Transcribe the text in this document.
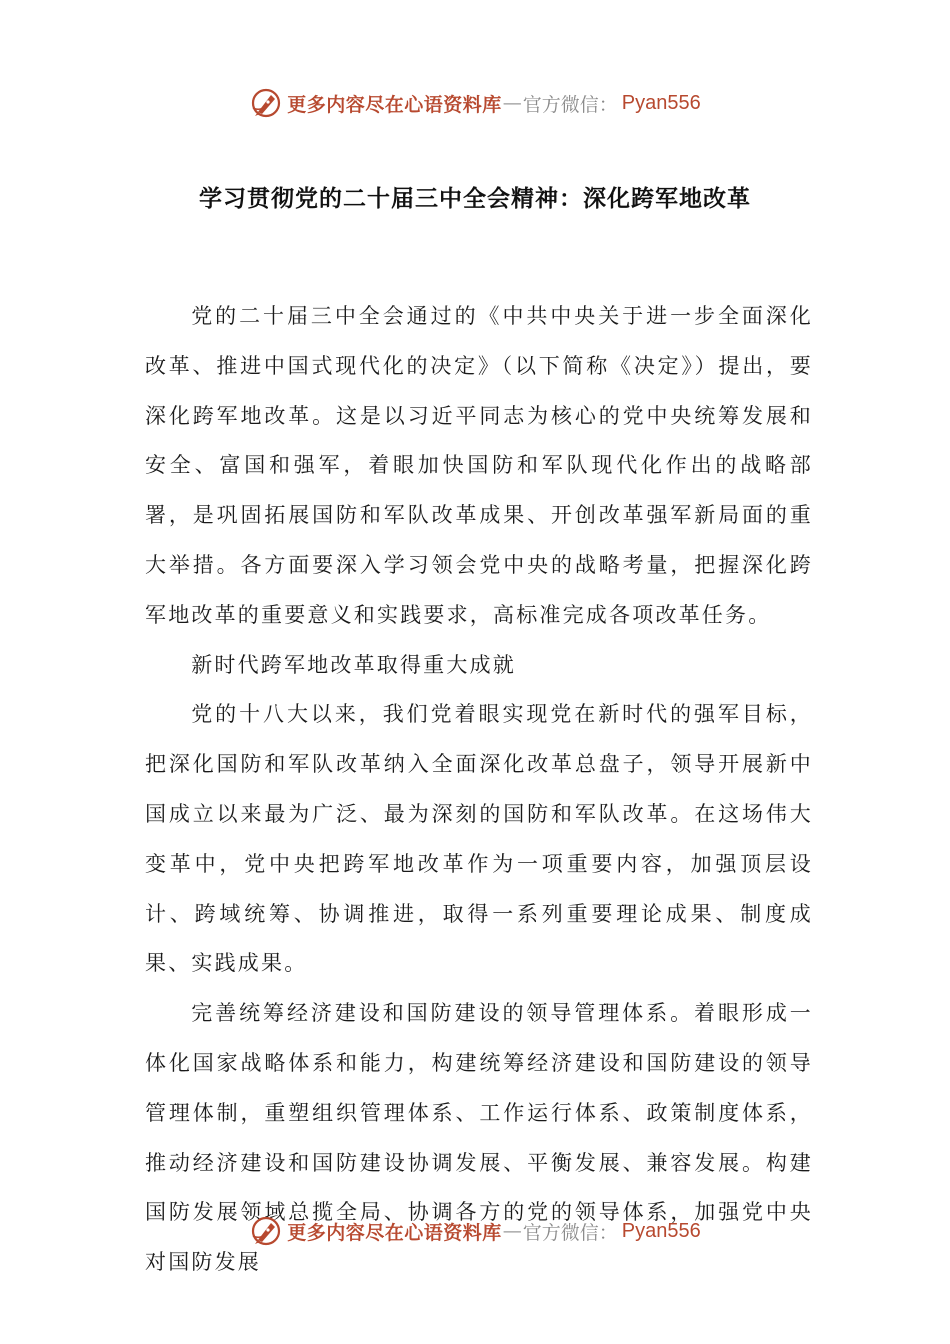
更多内容尽在心语资料库 — 官方微信： Pyan556
学习贯彻党的二十届三中全会精神：深化跨军地改革

党的二十届三中全会通过的《中共中央关于进一步全面深化改革、推进中国式现代化的决定》（以下简称《决定》）提出，要深化跨军地改革。这是以习近平同志为核心的党中央统筹发展和安全、富国和强军，着眼加快国防和军队现代化作出的战略部署，是巩固拓展国防和军队改革成果、开创改革强军新局面的重大举措。各方面要深入学习领会党中央的战略考量，把握深化跨军地改革的重要意义和实践要求，高标准完成各项改革任务。

新时代跨军地改革取得重大成就

党的十八大以来，我们党着眼实现党在新时代的强军目标，把深化国防和军队改革纳入全面深化改革总盘子，领导开展新中国成立以来最为广泛、最为深刻的国防和军队改革。在这场伟大变革中，党中央把跨军地改革作为一项重要内容，加强顶层设计、跨域统筹、协调推进，取得一系列重要理论成果、制度成果、实践成果。

完善统筹经济建设和国防建设的领导管理体系。着眼形成一体化国家战略体系和能力，构建统筹经济建设和国防建设的领导管理体制，重塑组织管理体系、工作运行体系、政策制度体系，推动经济建设和国防建设协调发展、平衡发展、兼容发展。构建国防发展领域总揽全局、协调各方的党的领导体系，加强党中央对国防发展

更多内容尽在心语资料库 — 官方微信： Pyan556
